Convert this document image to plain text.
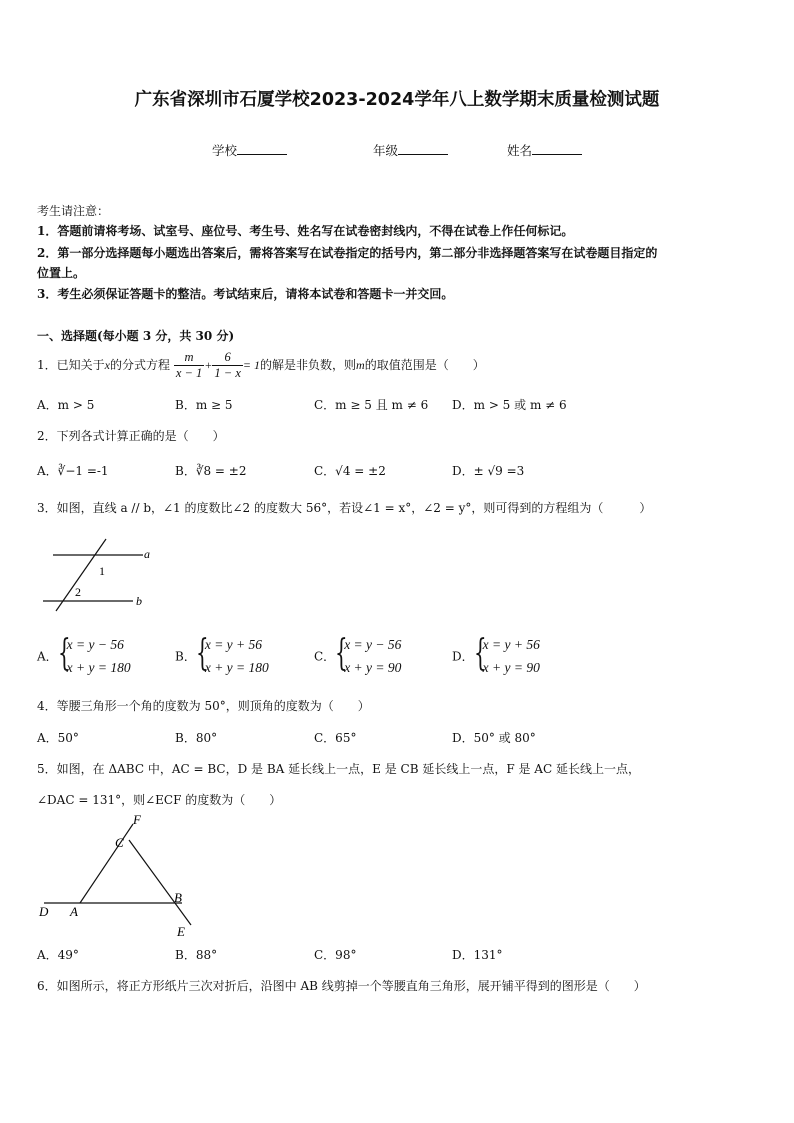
广东省深圳市石厦学校2023-2024学年八上数学期末质量检测试题
学校	年级	姓名
考生请注意：
1．答题前请将考场、试室号、座位号、考生号、姓名写在试卷密封线内，不得在试卷上作任何标记。
2．第一部分选择题每小题选出答案后，需将答案写在试卷指定的括号内，第二部分非选择题答案写在试卷题目指定的
位置上。
3．考生必须保证答题卡的整洁。考试结束后，请将本试卷和答题卡一并交回。
一、选择题(每小题 3 分，共 30 分)
1．已知关于x的分式方程 $\frac{m}{x - 1} + \frac{6}{1 - x} = 1$的解是非负数，则m的取值范围是（　　）
A．m > 5	B．m ≥ 5	C．m ≥ 5 且 m ≠ 6 D．m > 5 或 m ≠ 6
2．下列各式计算正确的是（　　）
A．∛−1 =-1	B．∛8 = ±2	C．√4 = ±2	D．± √9 =3
3．如图，直线 a // b，∠1 的度数比∠2 的度数大 56°，若设∠1 = x°，∠2 = y°，则可得到的方程组为（　　　）
a
b
1
2
A． {
x = y − 56
x + y = 180
B． {
x = y + 56
x + y = 180
C． {
x = y − 56
x + y = 90
D． {
x = y + 56
x + y = 90
4．等腰三角形一个角的度数为 50°，则顶角的度数为（　　）
A．50°	B．80°	C．65°	D．50° 或 80°
5．如图，在 ΔABC 中，AC = BC，D 是 BA 延长线上一点，E 是 CB 延长线上一点，F 是 AC 延长线上一点，
∠DAC = 131°，则∠ECF 的度数为（　　）
F
C
B
D A
E
A．49°	B．88°	C．98°	D．131°
6．如图所示，将正方形纸片三次对折后，沿图中 AB 线剪掉一个等腰直角三角形，展开铺平得到的图形是（　　）
